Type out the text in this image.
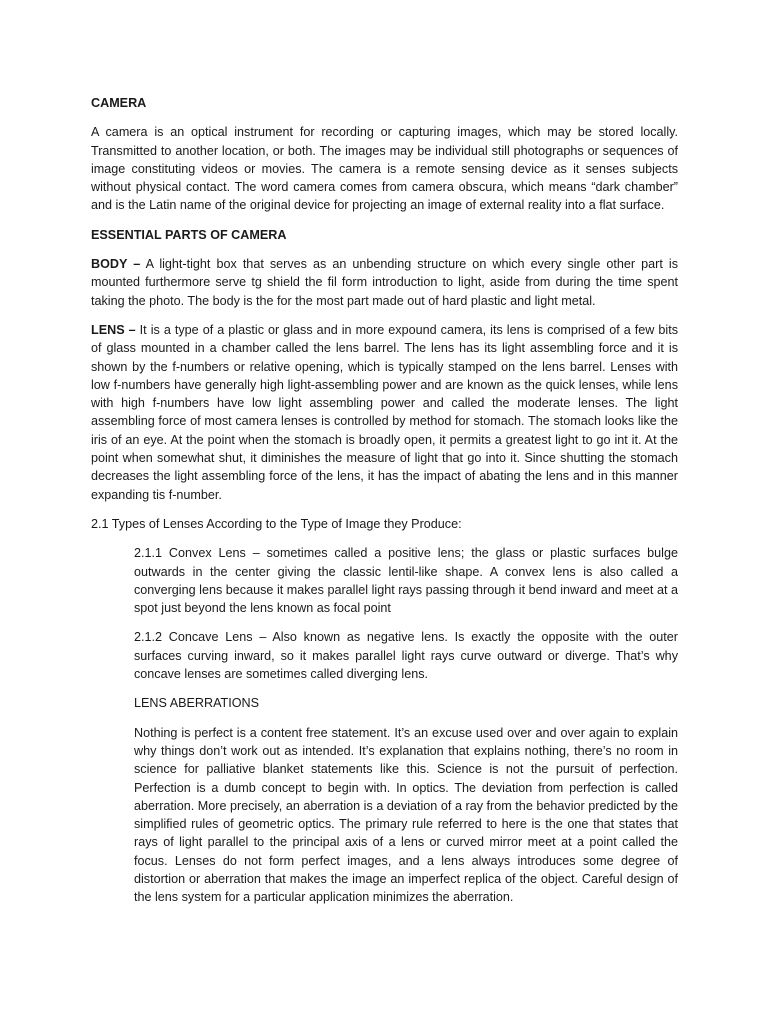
CAMERA

A camera is an optical instrument for recording or capturing images, which may be stored locally. Transmitted to another location, or both. The images may be individual still photographs or sequences of image constituting videos or movies. The camera is a remote sensing device as it senses subjects without physical contact. The word camera comes from camera obscura, which means “dark chamber” and is the Latin name of the original device for projecting an image of external reality into a flat surface.

ESSENTIAL PARTS OF CAMERA

BODY – A light-tight box that serves as an unbending structure on which every single other part is mounted furthermore serve tg shield the fil form introduction to light, aside from during the time spent taking the photo. The body is the for the most part made out of hard plastic and light metal.

LENS – It is a type of a plastic or glass and in more expound camera, its lens is comprised of a few bits of glass mounted in a chamber called the lens barrel. The lens has its light assembling force and it is shown by the f-numbers or relative opening, which is typically stamped on the lens barrel. Lenses with low f-numbers have generally high light-assembling power and are known as the quick lenses, while lens with high f-numbers have low light assembling power and called the moderate lenses. The light assembling force of most camera lenses is controlled by method for stomach. The stomach looks like the iris of an eye. At the point when the stomach is broadly open, it permits a greatest light to go int it. At the point when somewhat shut, it diminishes the measure of light that go into it. Since shutting the stomach decreases the light assembling force of the lens, it has the impact of abating the lens and in this manner expanding tis f-number.

2.1 Types of Lenses According to the Type of Image they Produce:

2.1.1 Convex Lens – sometimes called a positive lens; the glass or plastic surfaces bulge outwards in the center giving the classic lentil-like shape. A convex lens is also called a converging lens because it makes parallel light rays passing through it bend inward and meet at a spot just beyond the lens known as focal point

2.1.2 Concave Lens – Also known as negative lens. Is exactly the opposite with the outer surfaces curving inward, so it makes parallel light rays curve outward or diverge. That’s why concave lenses are sometimes called diverging lens.

LENS ABERRATIONS

Nothing is perfect is a content free statement. It’s an excuse used over and over again to explain why things don’t work out as intended. It’s explanation that explains nothing, there’s no room in science for palliative blanket statements like this. Science is not the pursuit of perfection. Perfection is a dumb concept to begin with. In optics. The deviation from perfection is called aberration. More precisely, an aberration is a deviation of a ray from the behavior predicted by the simplified rules of geometric optics. The primary rule referred to here is the one that states that rays of light parallel to the principal axis of a lens or curved mirror meet at a point called the focus. Lenses do not form perfect images, and a lens always introduces some degree of distortion or aberration that makes the image an imperfect replica of the object. Careful design of the lens system for a particular application minimizes the aberration.
